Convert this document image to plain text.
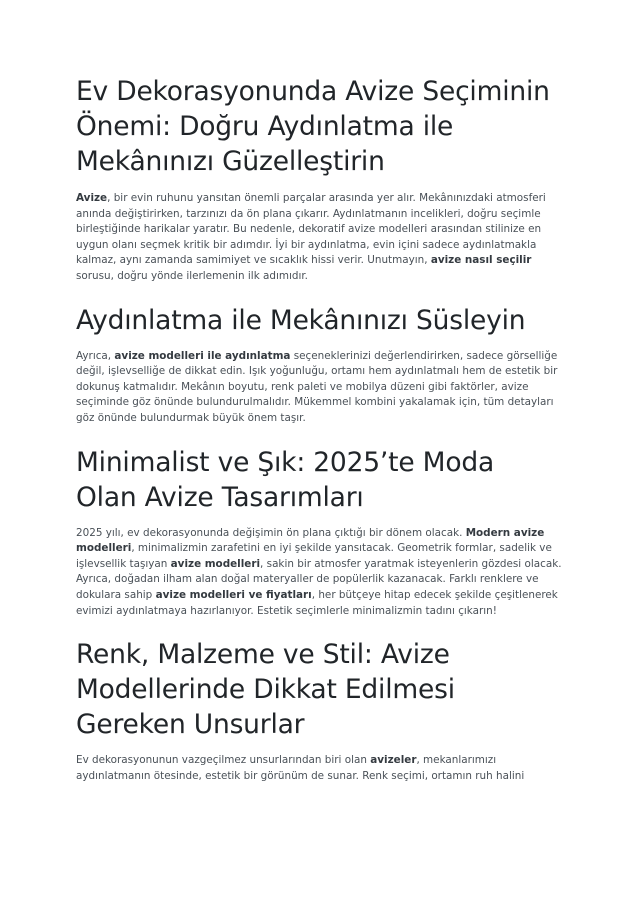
Ev Dekorasyonunda Avize Seçiminin Önemi: Doğru Aydınlatma ile Mekânınızı Güzelleştirin

Avize, bir evin ruhunu yansıtan önemli parçalar arasında yer alır. Mekânınızdaki atmosferi anında değiştirirken, tarzınızı da ön plana çıkarır. Aydınlatmanın incelikleri, doğru seçimle birleştiğinde harikalar yaratır. Bu nedenle, dekoratif avize modelleri arasından stilinize en uygun olanı seçmek kritik bir adımdır. İyi bir aydınlatma, evin içini sadece aydınlatmakla kalmaz, aynı zamanda samimiyet ve sıcaklık hissi verir. Unutmayın, avize nasıl seçilir sorusu, doğru yönde ilerlemenin ilk adımıdır.

Aydınlatma ile Mekânınızı Süsleyin

Ayrıca, avize modelleri ile aydınlatma seçeneklerinizi değerlendirirken, sadece görselliğe değil, işlevselliğe de dikkat edin. Işık yoğunluğu, ortamı hem aydınlatmalı hem de estetik bir dokunuş katmalıdır. Mekânın boyutu, renk paleti ve mobilya düzeni gibi faktörler, avize seçiminde göz önünde bulundurulmalıdır. Mükemmel kombini yakalamak için, tüm detayları göz önünde bulundurmak büyük önem taşır.

Minimalist ve Şık: 2025’te Moda Olan Avize Tasarımları

2025 yılı, ev dekorasyonunda değişimin ön plana çıktığı bir dönem olacak. Modern avize modelleri, minimalizmin zarafetini en iyi şekilde yansıtacak. Geometrik formlar, sadelik ve işlevsellik taşıyan avize modelleri, sakin bir atmosfer yaratmak isteyenlerin gözdesi olacak. Ayrıca, doğadan ilham alan doğal materyaller de popülerlik kazanacak. Farklı renklere ve dokulara sahip avize modelleri ve fiyatları, her bütçeye hitap edecek şekilde çeşitlenerek evimizi aydınlatmaya hazırlanıyor. Estetik seçimlerle minimalizmin tadını çıkarın!

Renk, Malzeme ve Stil: Avize Modellerinde Dikkat Edilmesi Gereken Unsurlar

Ev dekorasyonunun vazgeçilmez unsurlarından biri olan avizeler, mekanlarımızı aydınlatmanın ötesinde, estetik bir görünüm de sunar. Renk seçimi, ortamın ruh halini
